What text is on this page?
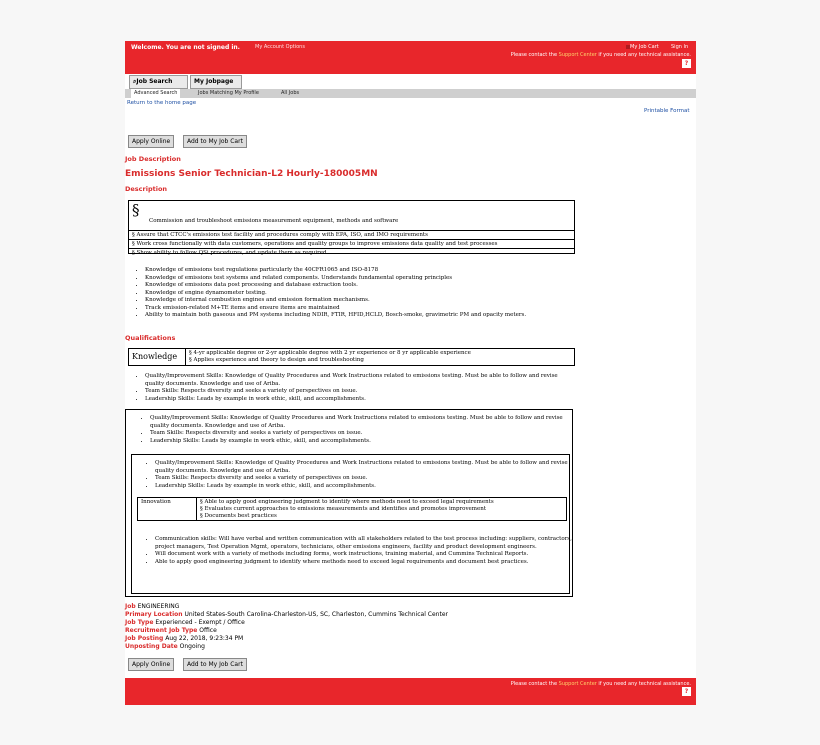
Welcome. You are not signed in.	My Account Options	My Job Cart Sign In
Please contact the Support Center if you need any technical assistance.
?
⌕Job Search	My Jobpage
Advanced Search	Jobs Matching My Profile	All Jobs
Return to the home page
Printable Format
Apply Online	Add to My Job Cart
Job Description
Emissions Senior Technician-L2 Hourly-180005MN
Description
§
Commission and troubleshoot emissions measurement equipment, methods and software
§ Assure that CTCC's emissions test facility and procedures comply with EPA, ISO, and IMO requirements
§ Work cross functionally with data customers, operations and quality groups to improve emissions data quality and test processes
§ Show ability to follow QSi procedures, and update them as required
• Knowledge of emissions test regulations particularly the 40CFR1065 and ISO-8178
• Knowledge of emissions test systems and related components. Understands fundamental operating principles
• Knowledge of emissions data post processing and database extraction tools.
• Knowledge of engine dynamometer testing.
• Knowledge of internal combustion engines and emission formation mechanisms.
• Track emission-related M+TE items and ensure items are maintained
• Ability to maintain both gaseous and PM systems including NDIR, FTIR, HFID,HCLD, Bosch-smoke, gravimetric PM and opacity meters.
Qualifications
Knowledge § 4-yr applicable degree or 2-yr applicable degree with 2 yr experience or 8 yr applicable experience
§ Applies experience and theory to design and troubleshooting
• Quality/Improvement Skills: Knowledge of Quality Procedures and Work Instructions related to emissions testing. Must be able to follow and revise quality documents. Knowledge and use of Ariba.
• Team Skills: Respects diversity and seeks a variety of perspectives on issue.
• Leadership Skills: Leads by example in work ethic, skill, and accomplishments.
• Quality/Improvement Skills: Knowledge of Quality Procedures and Work Instructions related to emissions testing. Must be able to follow and revise quality documents. Knowledge and use of Ariba.
• Team Skills: Respects diversity and seeks a variety of perspectives on issue.
• Leadership Skills: Leads by example in work ethic, skill, and accomplishments.
• Quality/Improvement Skills: Knowledge of Quality Procedures and Work Instructions related to emissions testing. Must be able to follow and revise quality documents. Knowledge and use of Ariba.
• Team Skills: Respects diversity and seeks a variety of perspectives on issue.
• Leadership Skills: Leads by example in work ethic, skill, and accomplishments.
Innovation	§ Able to apply good engineering judgment to identify where methods need to exceed legal requirements
§ Evaluates current approaches to emissions measurements and identifies and promotes improvement
§ Documents best practices
• Communication skills: Will have verbal and written communication with all stakeholders related to the test process including: suppliers, contractors, project managers, Test Operation Mgmt, operators, technicians, other emissions engineers, facility and product development engineers.
• Will document work with a variety of methods including forms, work instructions, training material, and Cummins Technical Reports.
• Able to apply good engineering judgment to identify where methods need to exceed legal requirements and document best practices.
Job ENGINEERING
Primary Location United States-South Carolina-Charleston-US, SC, Charleston, Cummins Technical Center
Job Type Experienced - Exempt / Office
Recruitment Job Type Office
Job Posting Aug 22, 2018, 9:23:34 PM
Unposting Date Ongoing
Apply Online	Add to My Job Cart
Please contact the Support Center if you need any technical assistance.
?
